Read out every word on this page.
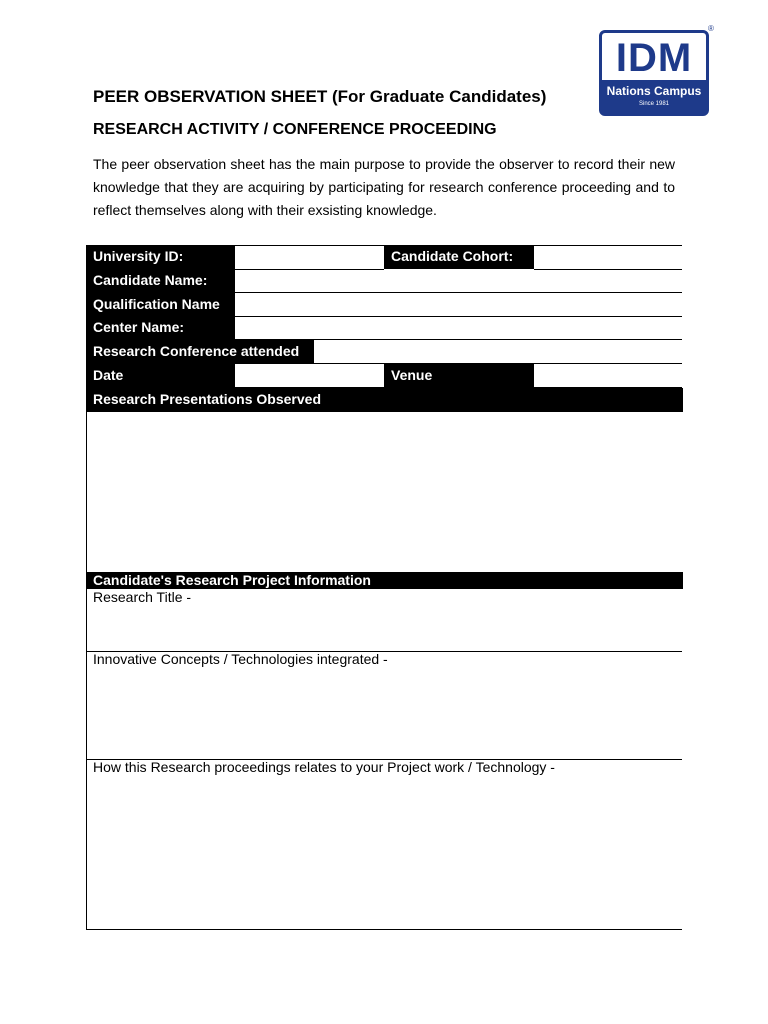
IDM
Nations Campus
Since 1981
®
PEER OBSERVATION SHEET (For Graduate Candidates)
RESEARCH ACTIVITY / CONFERENCE PROCEEDING
The peer observation sheet has the main purpose to provide the observer to record their new knowledge that they are acquiring by participating for research conference proceeding and to reflect themselves along with their exsisting knowledge.
University ID:	Candidate Cohort:
Candidate Name:
Qualification Name
Center Name:
Research Conference attended
Date	Venue
Research Presentations Observed
Candidate's Research Project Information
Research Title -
Innovative Concepts / Technologies integrated -
How this Research proceedings relates to your Project work / Technology -
